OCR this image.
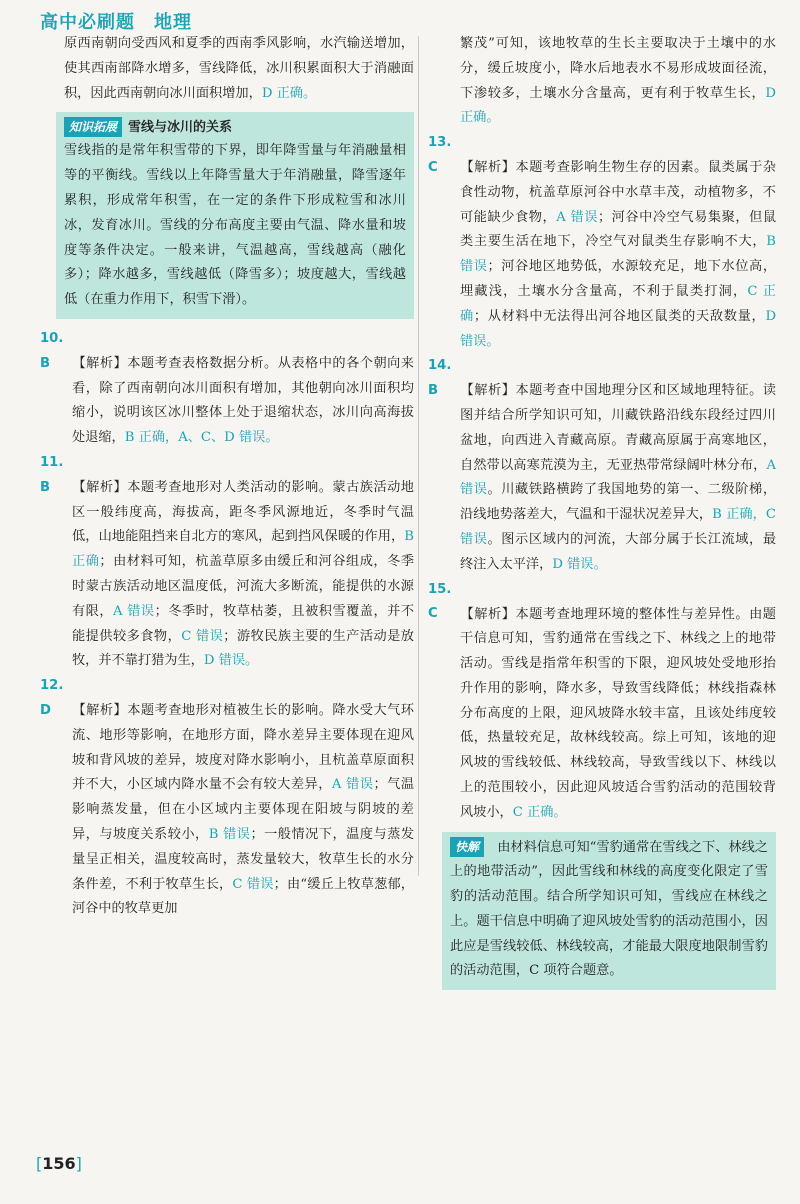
高中必刷题　地理

原西南朝向受西风和夏季的西南季风影响，水汽输送增加，使其西南部降水增多，雪线降低，冰川积累面积大于消融面积，因此西南朝向冰川面积增加，D 正确。

知识拓展 雪线与冰川的关系

雪线指的是常年积雪带的下界，即年降雪量与年消融量相等的平衡线。雪线以上年降雪量大于年消融量，降雪逐年累积，形成常年积雪，在一定的条件下形成粒雪和冰川冰，发育冰川。雪线的分布高度主要由气温、降水量和坡度等条件决定。一般来讲，气温越高，雪线越高（融化多）；降水越多，雪线越低（降雪多）；坡度越大，雪线越低（在重力作用下，积雪下滑）。

10. B 【解析】本题考查表格数据分析。从表格中的各个朝向来看，除了西南朝向冰川面积有增加，其他朝向冰川面积均缩小，说明该区冰川整体上处于退缩状态，冰川向高海拔处退缩，B 正确，A、C、D 错误。

11. B 【解析】本题考查地形对人类活动的影响。蒙古族活动地区一般纬度高，海拔高，距冬季风源地近，冬季时气温低，山地能阻挡来自北方的寒风，起到挡风保暖的作用，B 正确；由材料可知，杭盖草原多由缓丘和河谷组成，冬季时蒙古族活动地区温度低，河流大多断流，能提供的水源有限，A 错误；冬季时，牧草枯萎，且被积雪覆盖，并不能提供较多食物，C 错误；游牧民族主要的生产活动是放牧，并不靠打猎为生，D 错误。

12. D 【解析】本题考查地形对植被生长的影响。降水受大气环流、地形等影响，在地形方面，降水差异主要体现在迎风坡和背风坡的差异，坡度对降水影响小，且杭盖草原面积并不大，小区域内降水量不会有较大差异，A 错误；气温影响蒸发量，但在小区域内主要体现在阳坡与阴坡的差异，与坡度关系较小，B 错误；一般情况下，温度与蒸发量呈正相关，温度较高时，蒸发量较大，牧草生长的水分条件差，不利于牧草生长，C 错误；由“缓丘上牧草葱郁，河谷中的牧草更加

繁茂”可知，该地牧草的生长主要取决于土壤中的水分，缓丘坡度小，降水后地表水不易形成坡面径流，下渗较多，土壤水分含量高，更有利于牧草生长，D 正确。

13. C 【解析】本题考查影响生物生存的因素。鼠类属于杂食性动物，杭盖草原河谷中水草丰茂，动植物多，不可能缺少食物，A 错误；河谷中冷空气易集聚，但鼠类主要生活在地下，冷空气对鼠类生存影响不大，B 错误；河谷地区地势低，水源较充足，地下水位高，埋藏浅，土壤水分含量高，不利于鼠类打洞，C 正确；从材料中无法得出河谷地区鼠类的天敌数量，D 错误。

14. B 【解析】本题考查中国地理分区和区域地理特征。读图并结合所学知识可知，川藏铁路沿线东段经过四川盆地，向西进入青藏高原。青藏高原属于高寒地区，自然带以高寒荒漠为主，无亚热带常绿阔叶林分布，A 错误。川藏铁路横跨了我国地势的第一、二级阶梯，沿线地势落差大，气温和干湿状况差异大，B 正确，C 错误。图示区域内的河流，大部分属于长江流域，最终注入太平洋，D 错误。

15. C 【解析】本题考查地理环境的整体性与差异性。由题干信息可知，雪豹通常在雪线之下、林线之上的地带活动。雪线是指常年积雪的下限，迎风坡处受地形抬升作用的影响，降水多，导致雪线降低；林线指森林分布高度的上限，迎风坡降水较丰富，且该处纬度较低，热量较充足，故林线较高。综上可知，该地的迎风坡的雪线较低、林线较高，导致雪线以下、林线以上的范围较小，因此迎风坡适合雪豹活动的范围较背风坡小，C 正确。

快解　 由材料信息可知“雪豹通常在雪线之下、林线之上的地带活动”，因此雪线和林线的高度变化限定了雪豹的活动范围。结合所学知识可知，雪线应在林线之上。题干信息中明确了迎风坡处雪豹的活动范围小，因此应是雪线较低、林线较高，才能最大限度地限制雪豹的活动范围，C 项符合题意。

[156]
